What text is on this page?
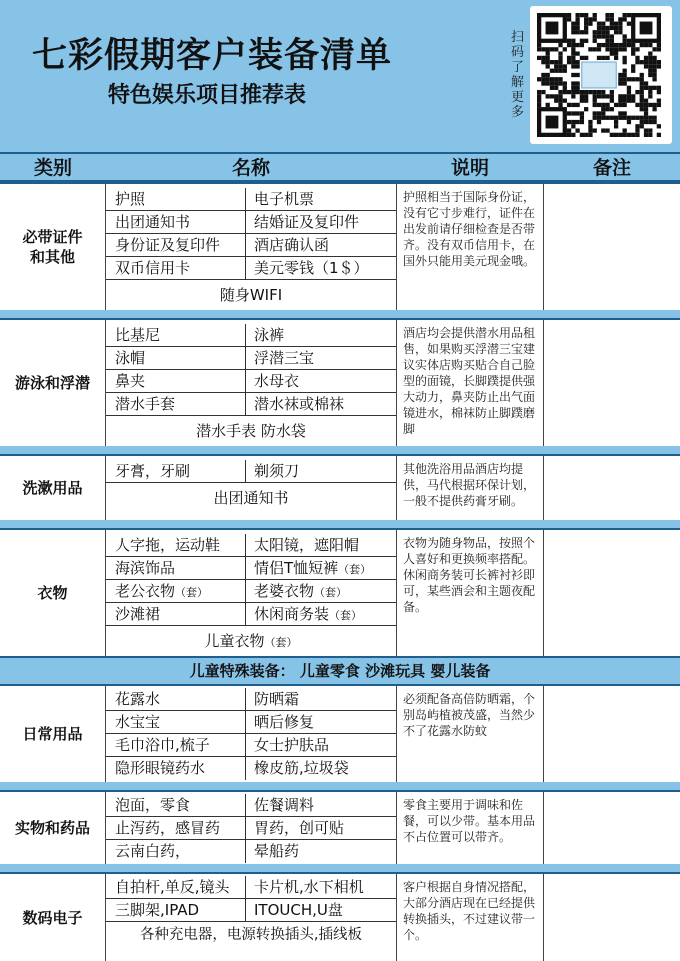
七彩假期客户装备清单
特色娱乐项目推荐表
扫码了解更多
类别	名称	说明	备注
必带证件
和其他
护照	电子机票
出团通知书	结婚证及复印件
身份证及复印件	酒店确认函
双币信用卡	美元零钱（1＄）
随身WIFI
护照相当于国际身份证，没有它寸步难行，证件在出发前请仔细检查是否带齐。没有双币信用卡，在国外只能用美元现金哦。
游泳和浮潜
比基尼	泳裤
泳帽	浮潜三宝
鼻夹	水母衣
潜水手套	潜水袜或棉袜
潜水手表 防水袋
酒店均会提供潜水用品租售，如果购买浮潜三宝建议实体店购买贴合自己脸型的面镜，长脚蹼提供强大动力，鼻夹防止出气面镜进水，棉袜防止脚蹼磨脚
洗漱用品
牙膏，牙刷	剃须刀
出团通知书
其他洗浴用品酒店均提供，马代根据环保计划，一般不提供药膏牙刷。
衣物
人字拖，运动鞋	太阳镜，遮阳帽
海滨饰品	情侣T恤短裤（套）
老公衣物（套）	老婆衣物（套）
沙滩裙	休闲商务装（套）
儿童衣物（套）
衣物为随身物品，按照个人喜好和更换频率搭配。休闲商务装可长裤衬衫即可，某些酒会和主题夜配备。
儿童特殊装备： 儿童零食 沙滩玩具 婴儿装备
日常用品
花露水	防晒霜
水宝宝	晒后修复
毛巾浴巾,梳子	女士护肤品
隐形眼镜药水	橡皮筋,垃圾袋
必须配备高倍防晒霜，个别岛屿植被茂盛，当然少不了花露水防蚊
实物和药品
泡面，零食	佐餐调料
止泻药，感冒药	胃药，创可贴
云南白药，	晕船药
零食主要用于调味和佐餐，可以少带。基本用品不占位置可以带齐。
数码电子
自拍杆,单反,镜头	卡片机,水下相机
三脚架,IPAD	ITOUCH,U盘
各种充电器，电源转换插头,插线板
客户根据自身情况搭配，大部分酒店现在已经提供转换插头，不过建议带一个。
